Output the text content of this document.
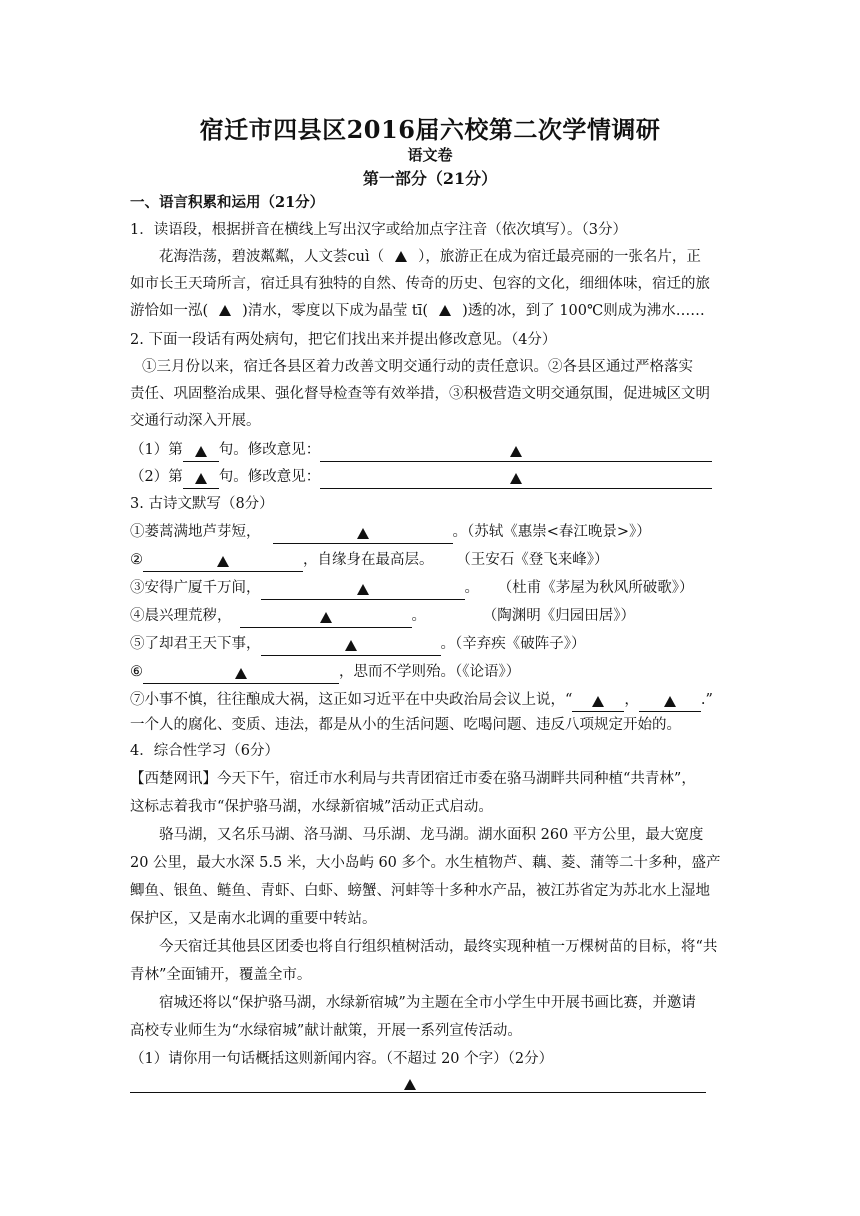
宿迁市四县区2016届六校第二次学情调研
语文卷
第一部分（21分）
一、语言积累和运用（21分）
1．读语段，根据拼音在横线上写出汉字或给加点字注音（依次填写）。（3分）
花海浩荡，碧波粼粼，人文荟cuì（ ），旅游正在成为宿迁最亮丽的一张名片，正
如市长王天琦所言，宿迁具有独特的自然、传奇的历史、包容的文化，细细体味，宿迁的旅
游恰如一泓( )清水，零度以下成为晶莹 tī( )透的冰，到了 100℃则成为沸水……
2. 下面一段话有两处病句，把它们找出来并提出修改意见。（4分）
①三月份以来，宿迁各县区着力改善文明交通行动的责任意识。②各县区通过严格落实
责任、巩固整治成果、强化督导检查等有效举措，③积极营造文明交通氛围，促进城区文明
交通行动深入开展。
（1）第 句。修改意见：
（2）第 句。修改意见：
3. 古诗文默写（8分）
①蒌蒿满地芦芽短，	。（苏轼《惠崇<春江晚景>》）
②	，自缘身在最高层。 （王安石《登飞来峰》）
③安得广厦千万间，	。 （杜甫《茅屋为秋风所破歌》）
④晨兴理荒秽，	。	（陶渊明《归园田居》）
⑤了却君王天下事，	。（辛弃疾《破阵子》）
⑥	，思而不学则殆。（《论语》）
⑦小事不慎，往往酿成大祸，这正如习近平在中央政治局会议上说，“	，	.”
一个人的腐化、变质、违法，都是从小的生活问题、吃喝问题、违反八项规定开始的。
4．综合性学习（6分）
【西楚网讯】今天下午，宿迁市水利局与共青团宿迁市委在骆马湖畔共同种植“共青林”，
这标志着我市“保护骆马湖，水绿新宿城”活动正式启动。
骆马湖，又名乐马湖、洛马湖、马乐湖、龙马湖。湖水面积 260 平方公里，最大宽度
20 公里，最大水深 5.5 米，大小岛屿 60 多个。水生植物芦、藕、菱、蒲等二十多种，盛产
鲫鱼、银鱼、鲢鱼、青虾、白虾、螃蟹、河蚌等十多种水产品，被江苏省定为苏北水上湿地
保护区，又是南水北调的重要中转站。
今天宿迁其他县区团委也将自行组织植树活动，最终实现种植一万棵树苗的目标，将“共
青林”全面铺开，覆盖全市。
宿城还将以“保护骆马湖，水绿新宿城”为主题在全市小学生中开展书画比赛，并邀请
高校专业师生为“水绿宿城”献计献策，开展一系列宣传活动。
（1）请你用一句话概括这则新闻内容。（不超过 20 个字）（2分）
